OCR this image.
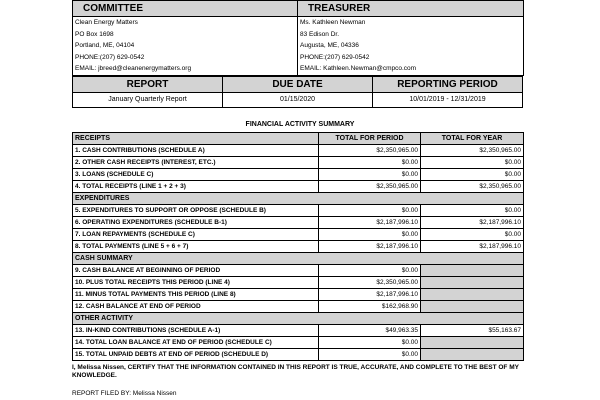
COMMITTEE	TREASURER
Clean Energy Matters	Ms. Kathleen Newman
PO Box 1698	83 Edison Dr.
Portland, ME, 04104	Augusta, ME, 04336
PHONE:(207) 629-0542	PHONE:(207) 629-0542
EMAIL: jbreed@cleanenergymatters.org	EMAIL: Kathleen.Newman@cmpco.com
REPORT	DUE DATE	REPORTING PERIOD
January Quarterly Report	01/15/2020	10/01/2019 - 12/31/2019
FINANCIAL ACTIVITY SUMMARY
RECEIPTS	TOTAL FOR PERIOD	TOTAL FOR YEAR
1. CASH CONTRIBUTIONS (SCHEDULE A)	$2,350,965.00	$2,350,965.00
2. OTHER CASH RECEIPTS (INTEREST, ETC.)	$0.00	$0.00
3. LOANS (SCHEDULE C)	$0.00	$0.00
4. TOTAL RECEIPTS (LINE 1 + 2 + 3)	$2,350,965.00	$2,350,965.00
EXPENDITURES		
5. EXPENDITURES TO SUPPORT OR OPPOSE (SCHEDULE B)	$0.00	$0.00
6. OPERATING EXPENDITURES (SCHEDULE B-1)	$2,187,996.10	$2,187,996.10
7. LOAN REPAYMENTS (SCHEDULE C)	$0.00	$0.00
8. TOTAL PAYMENTS (LINE 5 + 6 + 7)	$2,187,996.10	$2,187,996.10
CASH SUMMARY		
9. CASH BALANCE AT BEGINNING OF PERIOD	$0.00	
10. PLUS TOTAL RECEIPTS THIS PERIOD (LINE 4)	$2,350,965.00	
11. MINUS TOTAL PAYMENTS THIS PERIOD (LINE 8)	$2,187,996.10	
12. CASH BALANCE AT END OF PERIOD	$162,968.90	
OTHER ACTIVITY		
13. IN-KIND CONTRIBUTIONS (SCHEDULE A-1)	$49,963.35	$55,163.67
14. TOTAL LOAN BALANCE AT END OF PERIOD (SCHEDULE C)	$0.00	
15. TOTAL UNPAID DEBTS AT END OF PERIOD (SCHEDULE D)	$0.00	
I, Melissa Nissen, CERTIFY THAT THE INFORMATION CONTAINED IN THIS REPORT IS TRUE, ACCURATE, AND COMPLETE TO THE BEST OF MY KNOWLEDGE.
REPORT FILED BY: Melissa Nissen
